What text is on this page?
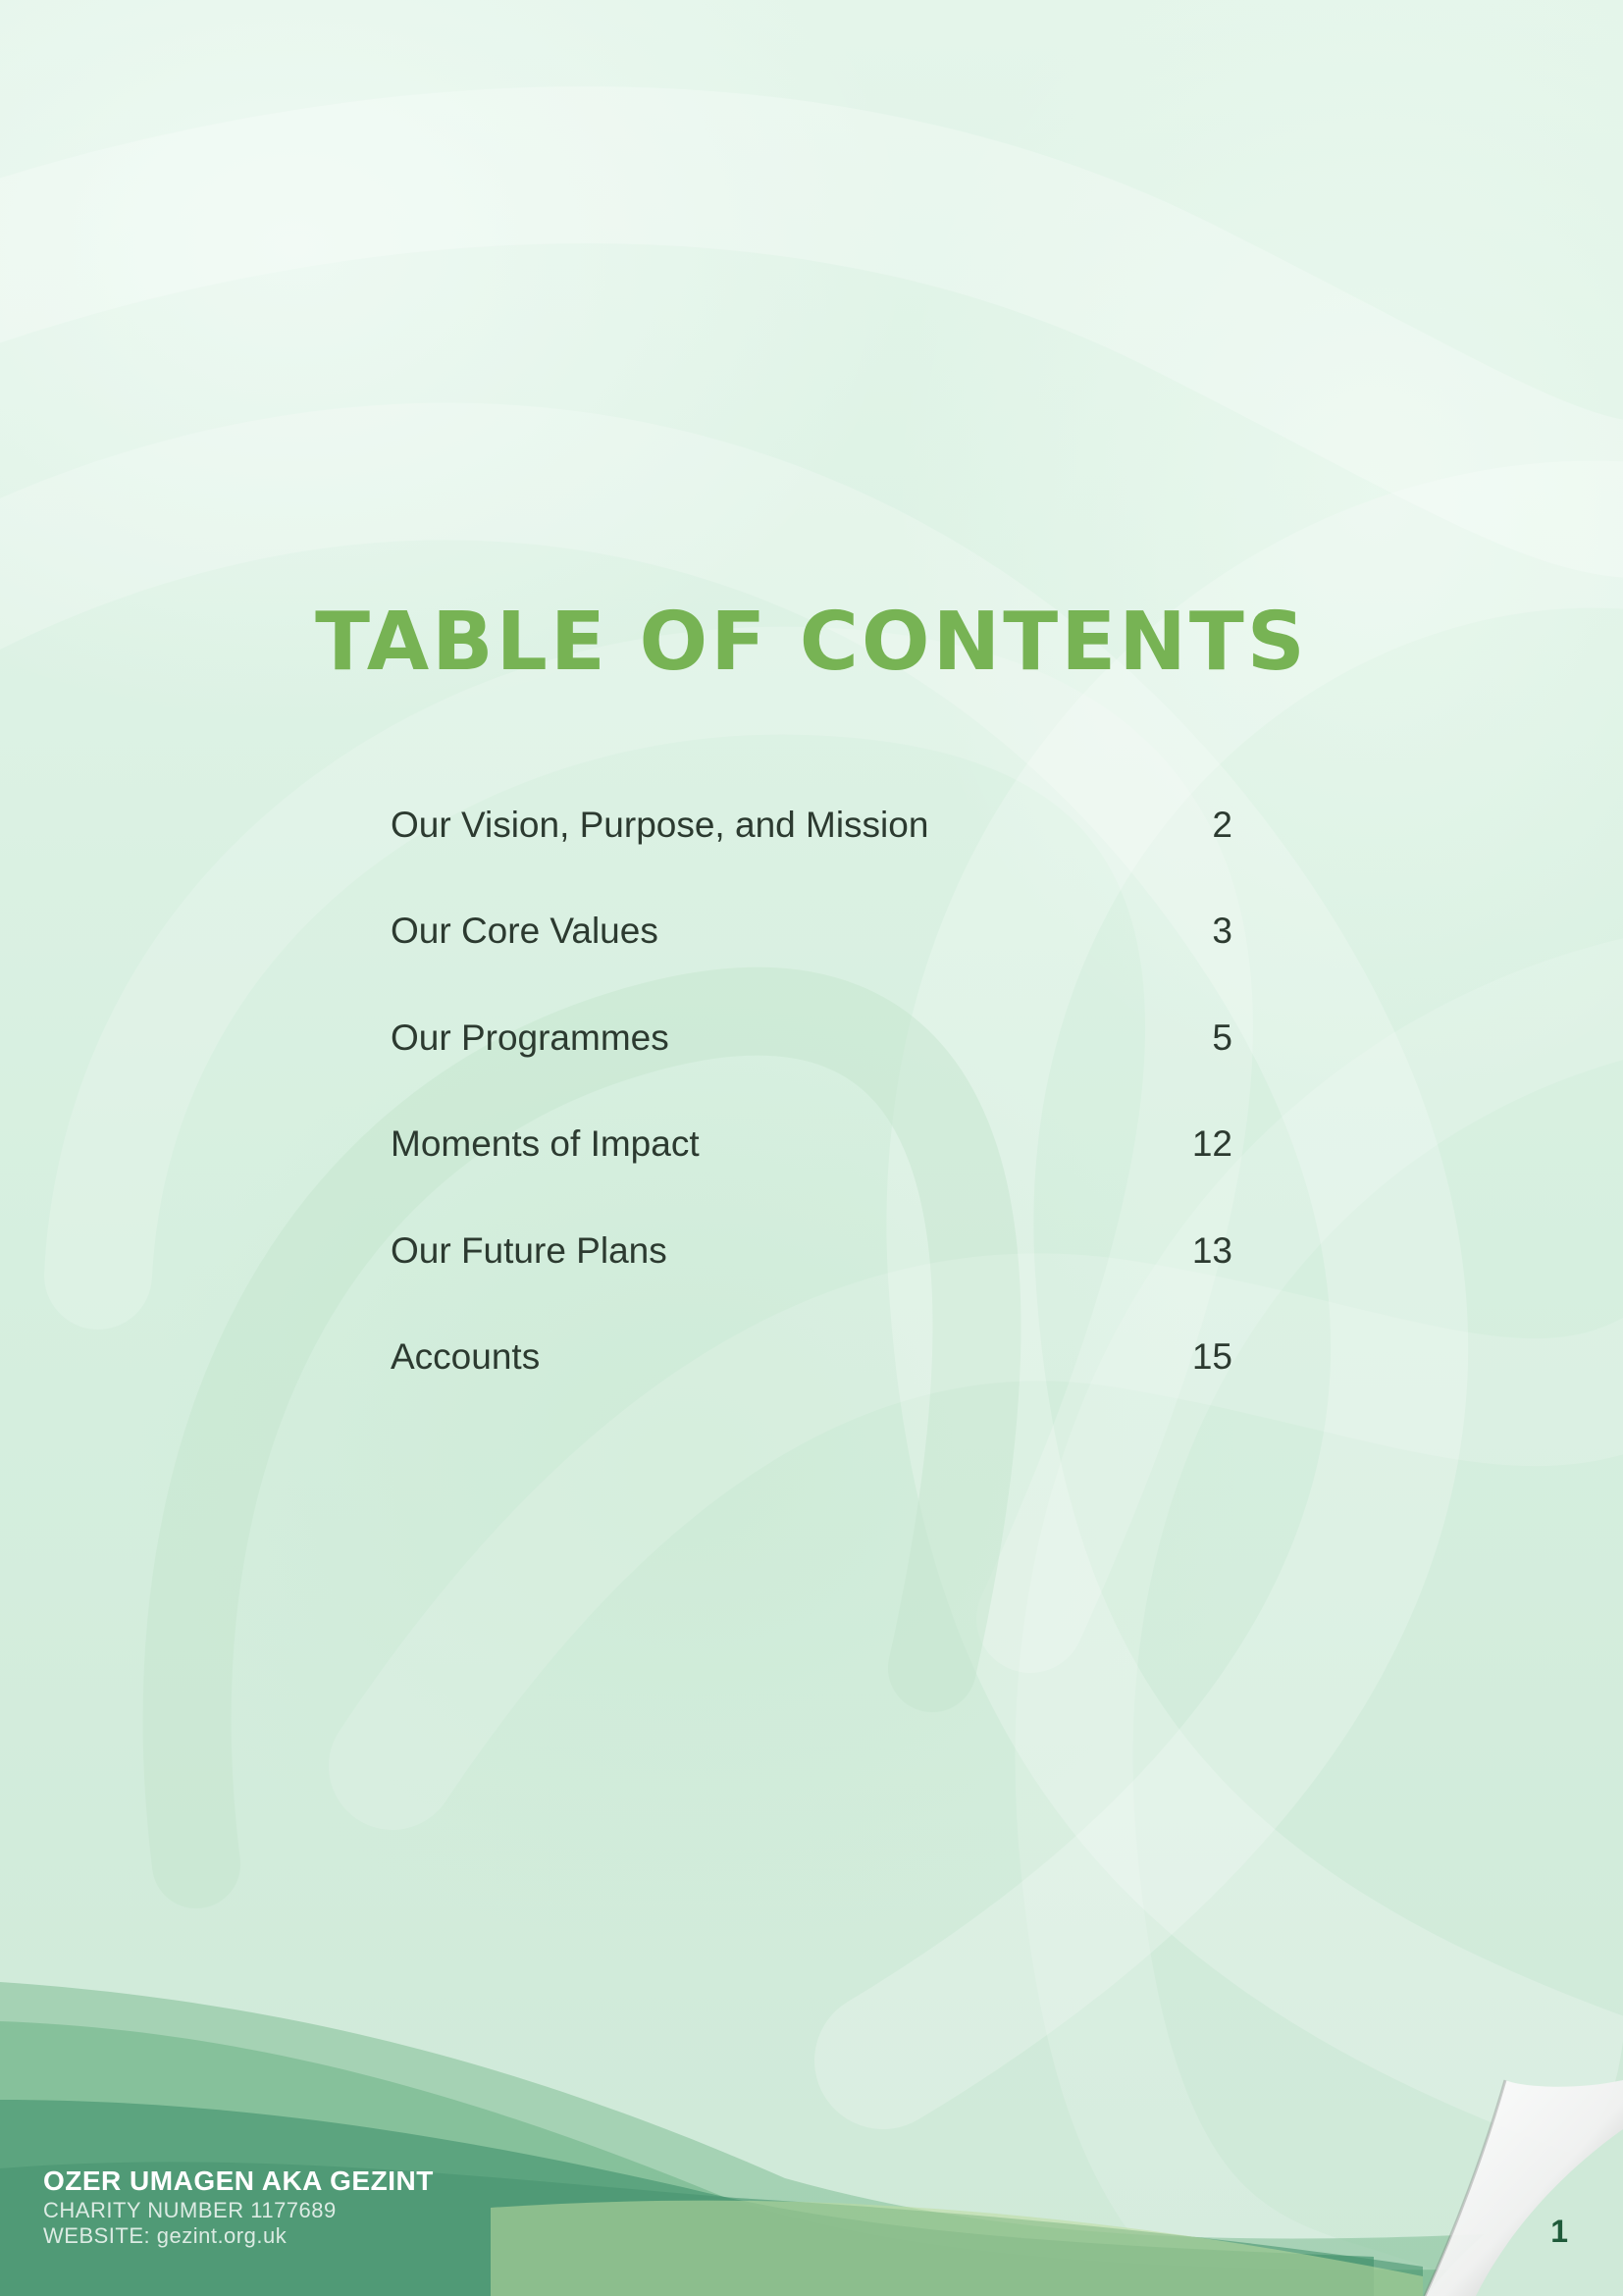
TABLE OF CONTENTS
Our Vision, Purpose, and Mission	2
Our Core Values	3
Our Programmes	5
Moments of Impact	12
Our Future Plans	13
Accounts	15
OZER UMAGEN AKA GEZINT
CHARITY NUMBER 1177689
WEBSITE: gezint.org.uk	1
